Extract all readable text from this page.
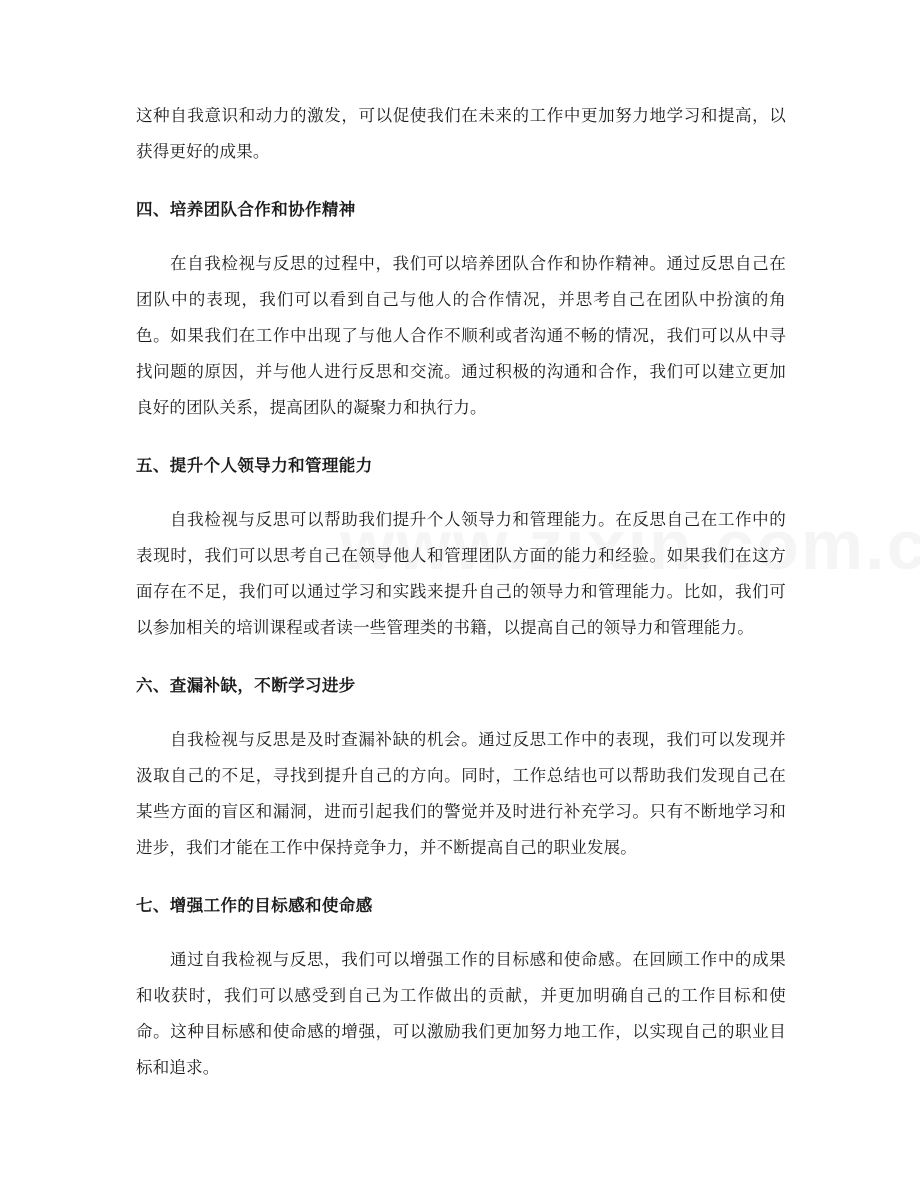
这种自我意识和动力的激发，可以促使我们在未来的工作中更加努力地学习和提高，以获得更好的成果。

四、培养团队合作和协作精神

在自我检视与反思的过程中，我们可以培养团队合作和协作精神。通过反思自己在团队中的表现，我们可以看到自己与他人的合作情况，并思考自己在团队中扮演的角色。如果我们在工作中出现了与他人合作不顺利或者沟通不畅的情况，我们可以从中寻找问题的原因，并与他人进行反思和交流。通过积极的沟通和合作，我们可以建立更加良好的团队关系，提高团队的凝聚力和执行力。

五、提升个人领导力和管理能力

自我检视与反思可以帮助我们提升个人领导力和管理能力。在反思自己在工作中的表现时，我们可以思考自己在领导他人和管理团队方面的能力和经验。如果我们在这方面存在不足，我们可以通过学习和实践来提升自己的领导力和管理能力。比如，我们可以参加相关的培训课程或者读一些管理类的书籍，以提高自己的领导力和管理能力。

六、查漏补缺，不断学习进步

自我检视与反思是及时查漏补缺的机会。通过反思工作中的表现，我们可以发现并汲取自己的不足，寻找到提升自己的方向。同时，工作总结也可以帮助我们发现自己在某些方面的盲区和漏洞，进而引起我们的警觉并及时进行补充学习。只有不断地学习和进步，我们才能在工作中保持竞争力，并不断提高自己的职业发展。

七、增强工作的目标感和使命感

通过自我检视与反思，我们可以增强工作的目标感和使命感。在回顾工作中的成果和收获时，我们可以感受到自己为工作做出的贡献，并更加明确自己的工作目标和使命。这种目标感和使命感的增强，可以激励我们更加努力地工作，以实现自己的职业目标和追求。
